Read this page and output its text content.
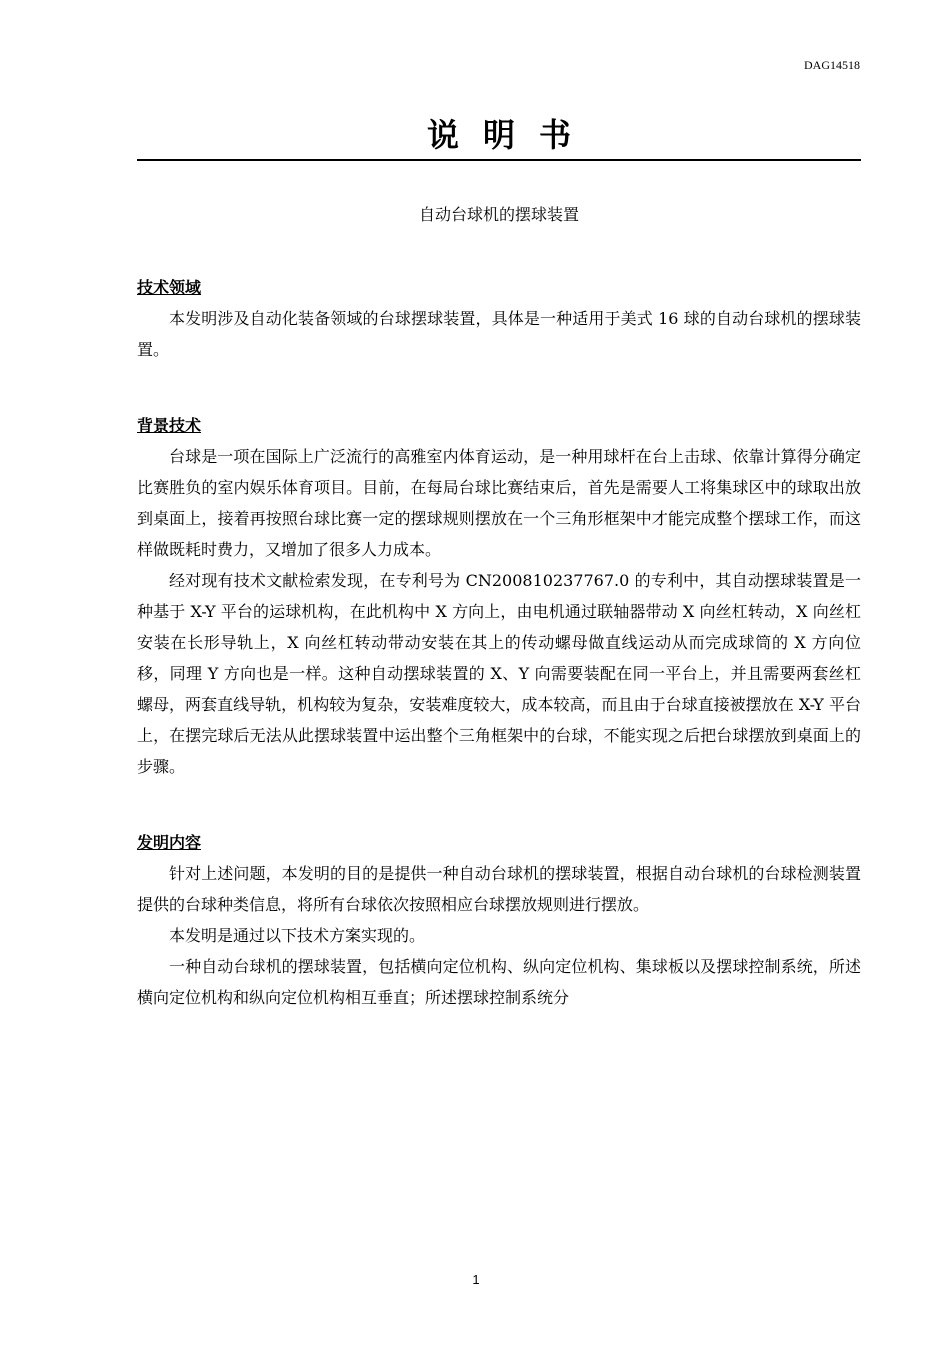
DAG14518
说明书
自动台球机的摆球装置
技术领域

本发明涉及自动化装备领域的台球摆球装置，具体是一种适用于美式 16 球的自动台球机的摆球装置。

背景技术

台球是一项在国际上广泛流行的高雅室内体育运动，是一种用球杆在台上击球、依靠计算得分确定比赛胜负的室内娱乐体育项目。目前，在每局台球比赛结束后，首先是需要人工将集球区中的球取出放到桌面上，接着再按照台球比赛一定的摆球规则摆放在一个三角形框架中才能完成整个摆球工作，而这样做既耗时费力，又增加了很多人力成本。

经对现有技术文献检索发现，在专利号为 CN200810237767.0 的专利中，其自动摆球装置是一种基于 X-Y 平台的运球机构，在此机构中 X 方向上，由电机通过联轴器带动 X 向丝杠转动，X 向丝杠安装在长形导轨上，X 向丝杠转动带动安装在其上的传动螺母做直线运动从而完成球筒的 X 方向位移，同理 Y 方向也是一样。这种自动摆球装置的 X、Y 向需要装配在同一平台上，并且需要两套丝杠螺母，两套直线导轨，机构较为复杂，安装难度较大，成本较高，而且由于台球直接被摆放在 X-Y 平台上，在摆完球后无法从此摆球装置中运出整个三角框架中的台球，不能实现之后把台球摆放到桌面上的步骤。

发明内容

针对上述问题，本发明的目的是提供一种自动台球机的摆球装置，根据自动台球机的台球检测装置提供的台球种类信息，将所有台球依次按照相应台球摆放规则进行摆放。

本发明是通过以下技术方案实现的。

一种自动台球机的摆球装置，包括横向定位机构、纵向定位机构、集球板以及摆球控制系统，所述横向定位机构和纵向定位机构相互垂直；所述摆球控制系统分

1
